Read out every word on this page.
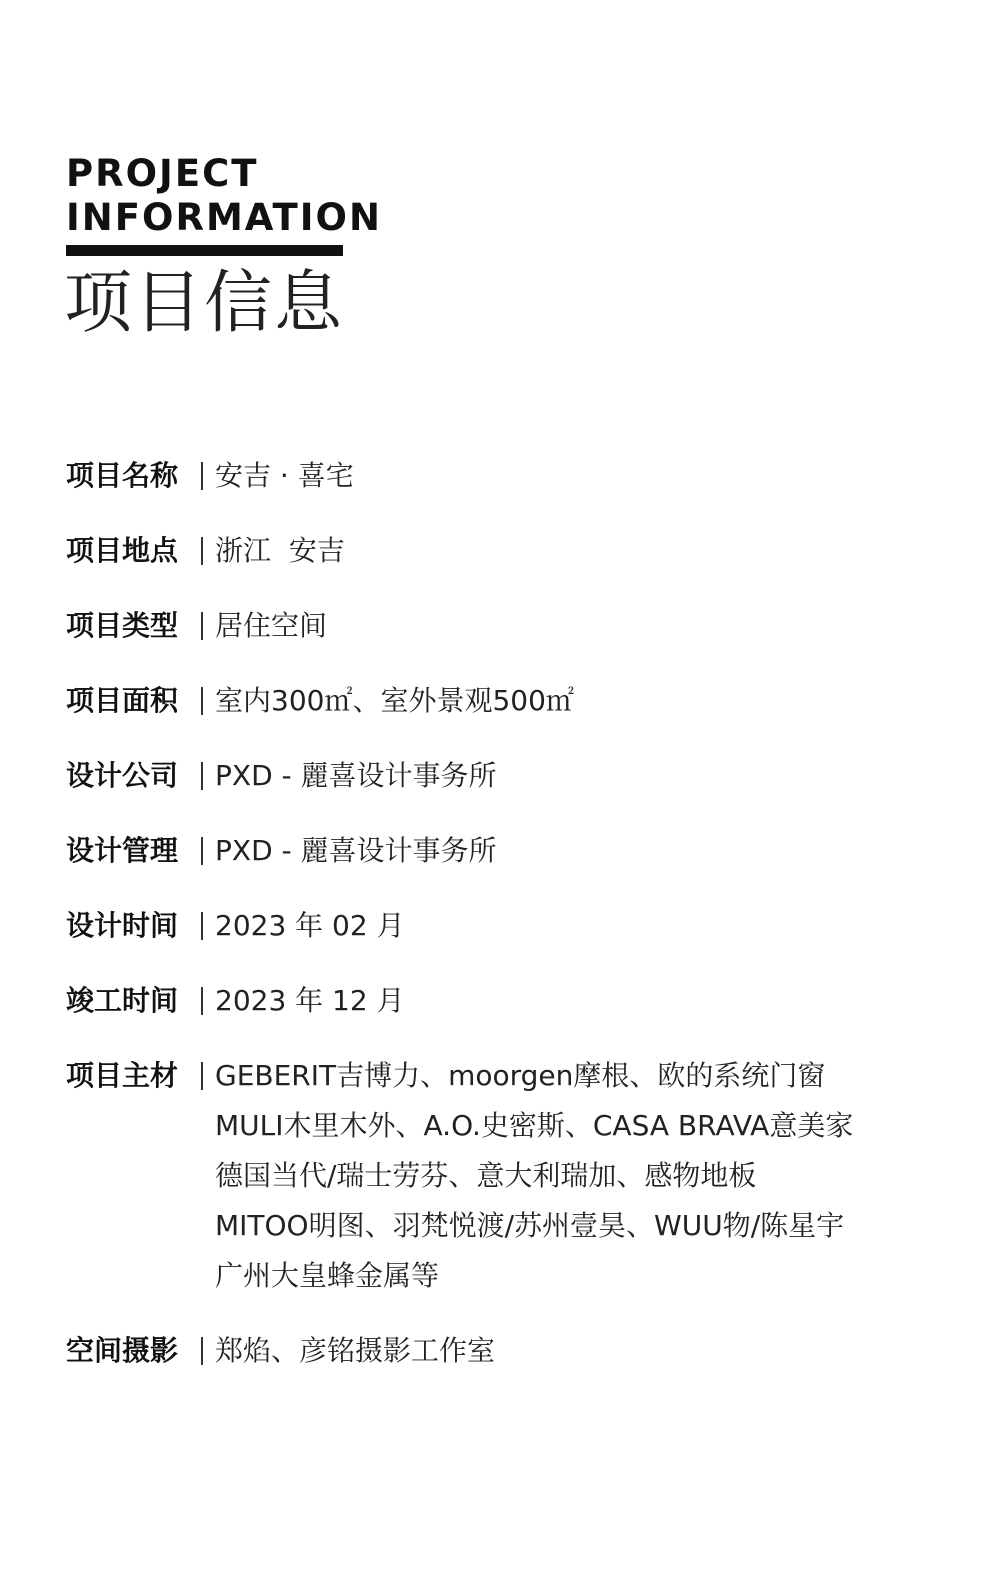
PROJECT
INFORMATION
项目信息
项目名称	安吉 · 喜宅
项目地点	浙江  安吉
项目类型	居住空间
项目面积	室内300㎡、室外景观500㎡
设计公司	PXD - 麗喜设计事务所
设计管理	PXD - 麗喜设计事务所
设计时间	2023 年 02 月
竣工时间	2023 年 12 月
项目主材	GEBERIT吉博力、moorgen摩根、欧的系统门窗
MULI木里木外、A.O.史密斯、CASA BRAVA意美家
德国当代/瑞士劳芬、意大利瑞加、感物地板
MITOO明图、羽梵悦渡/苏州壹昊、WUU物/陈星宇
广州大皇蜂金属等
空间摄影	郑焰、彦铭摄影工作室
